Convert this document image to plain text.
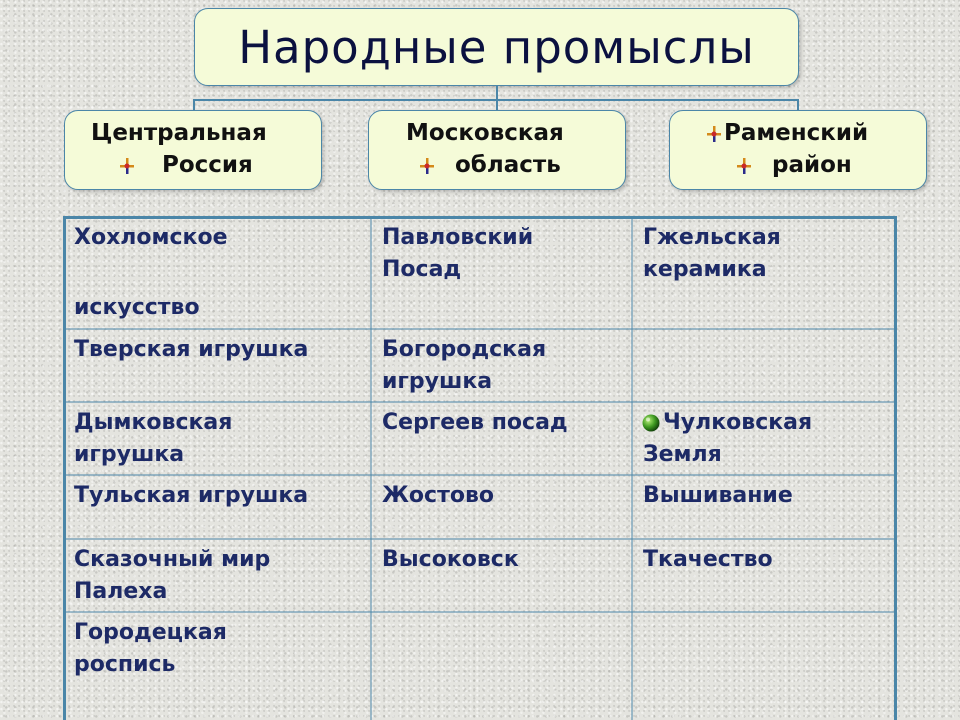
Народные промыслы
Центральная
Россия
Московская
область
Раменский
район
Хохломское
искусство
Тверская игрушка
Дымковская
игрушка
Тульская игрушка
Сказочный мир
Палеха
Городецкая
роспись
Павловский
Посад
Богородская
игрушка
Сергеев посад
Жостово
Высоковск
Гжельская
керамика
Чулковская
Земля
Вышивание
Ткачество
